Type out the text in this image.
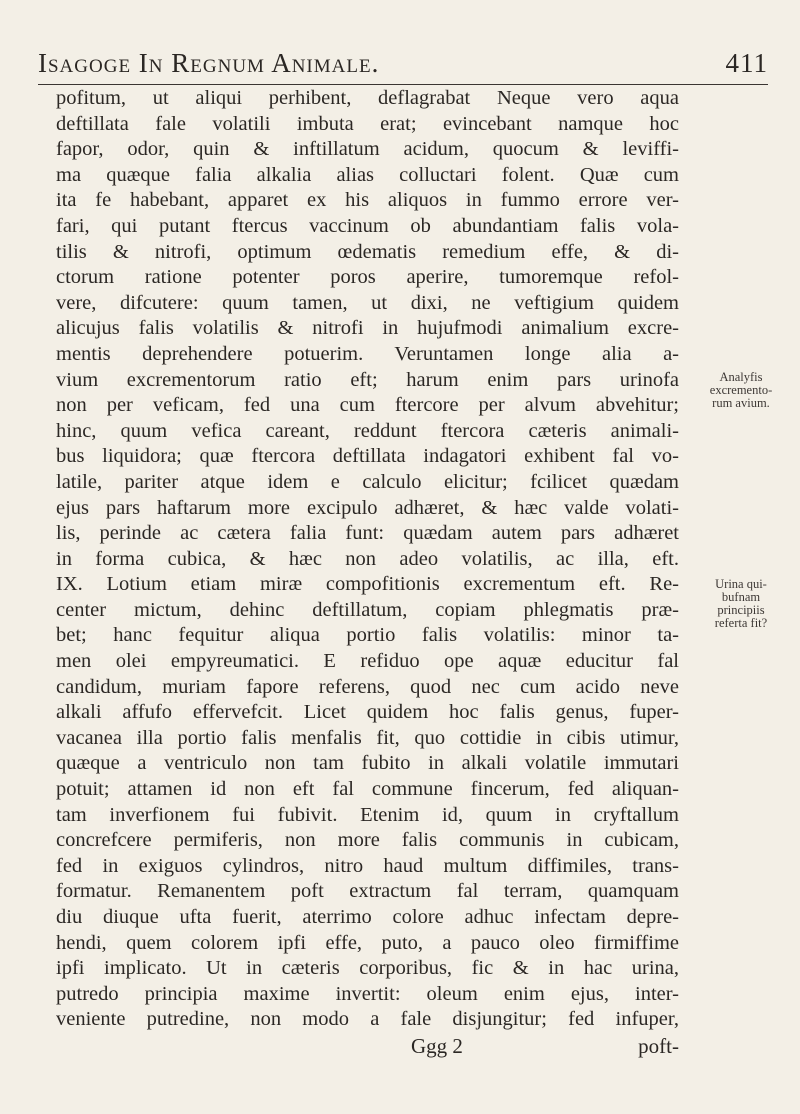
Isagoge In Regnum Animale.	411
pofitum, ut aliqui perhibent, deflagrabat Neque vero aqua
deftillata fale volatili imbuta erat; evincebant namque hoc
fapor, odor, quin & inftillatum acidum, quocum & leviffi-
ma quæque falia alkalia alias colluctari folent. Quæ cum
ita fe habebant, apparet ex his aliquos in fummo errore ver-
fari, qui putant ftercus vaccinum ob abundantiam falis vola-
tilis & nitrofi, optimum œdematis remedium effe, & di-
ctorum ratione potenter poros aperire, tumoremque refol-
vere, difcutere: quum tamen, ut dixi, ne veftigium quidem
alicujus falis volatilis & nitrofi in hujufmodi animalium excre-
mentis deprehendere potuerim. Veruntamen longe alia a-
vium excrementorum ratio eft; harum enim pars urinofa
non per veficam, fed una cum ftercore per alvum abvehitur;
hinc, quum vefica careant, reddunt ftercora cæteris animali-
bus liquidora; quæ ftercora deftillata indagatori exhibent fal vo-
latile, pariter atque idem e calculo elicitur; fcilicet quædam
ejus pars haftarum more excipulo adhæret, & hæc valde volati-
lis, perinde ac cætera falia funt: quædam autem pars adhæret
in forma cubica, & hæc non adeo volatilis, ac illa, eft.
IX. Lotium etiam miræ compofitionis excrementum eft. Re-
center mictum, dehinc deftillatum, copiam phlegmatis præ-
bet; hanc fequitur aliqua portio falis volatilis: minor ta-
men olei empyreumatici. E refiduo ope aquæ educitur fal
candidum, muriam fapore referens, quod nec cum acido neve
alkali affufo effervefcit. Licet quidem hoc falis genus, fuper-
vacanea illa portio falis menfalis fit, quo cottidie in cibis utimur,
quæque a ventriculo non tam fubito in alkali volatile immutari
potuit; attamen id non eft fal commune fincerum, fed aliquan-
tam inverfionem fui fubivit. Etenim id, quum in cryftallum
concrefcere permiferis, non more falis communis in cubicam,
fed in exiguos cylindros, nitro haud multum diffimiles, trans-
formatur. Remanentem poft extractum fal terram, quamquam
diu diuque ufta fuerit, aterrimo colore adhuc infectam depre-
hendi, quem colorem ipfi effe, puto, a pauco oleo firmiffime
ipfi implicato. Ut in cæteris corporibus, fic & in hac urina,
putredo principia maxime invertit: oleum enim ejus, inter-
veniente putredine, non modo a fale disjungitur; fed infuper,
Ggg 2	poft-
Analyfis
excremento-
rum avium.
Urina qui-
bufnam
principiis
referta fit?
